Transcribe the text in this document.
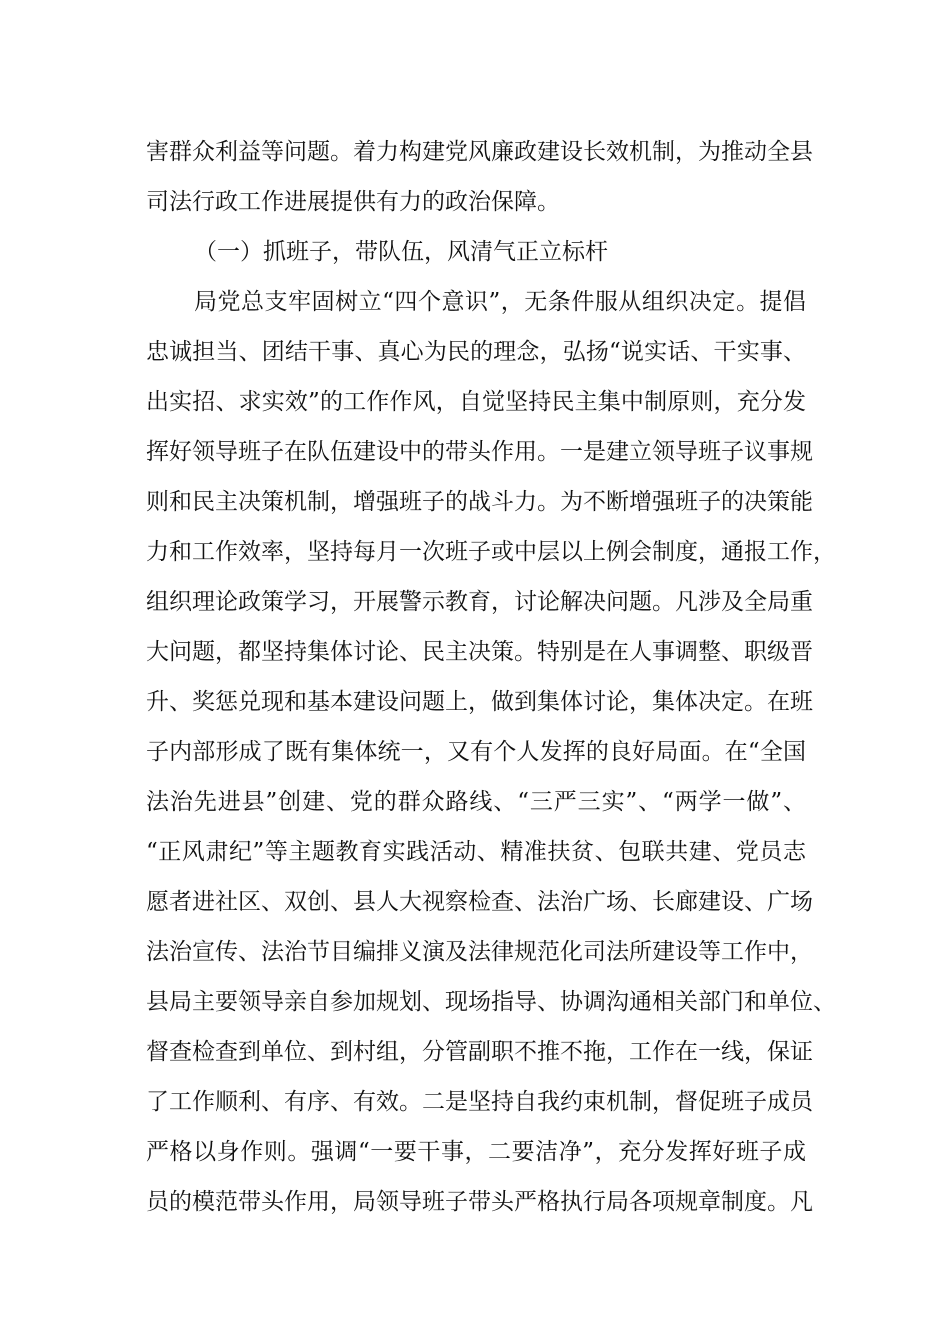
害群众利益等问题。着力构建党风廉政建设长效机制，为推动全县
司法行政工作进展提供有力的政治保障。
（一）抓班子，带队伍，风清气正立标杆
局党总支牢固树立“四个意识”，无条件服从组织决定。提倡
忠诚担当、团结干事、真心为民的理念，弘扬“说实话、干实事、
出实招、求实效”的工作作风，自觉坚持民主集中制原则，充分发
挥好领导班子在队伍建设中的带头作用。一是建立领导班子议事规
则和民主决策机制，增强班子的战斗力。为不断增强班子的决策能
力和工作效率，坚持每月一次班子或中层以上例会制度，通报工作，
组织理论政策学习，开展警示教育，讨论解决问题。凡涉及全局重
大问题，都坚持集体讨论、民主决策。特别是在人事调整、职级晋
升、奖惩兑现和基本建设问题上，做到集体讨论，集体决定。在班
子内部形成了既有集体统一，又有个人发挥的良好局面。在“全国
法治先进县”创建、党的群众路线、“三严三实”、“两学一做”、
“正风肃纪”等主题教育实践活动、精准扶贫、包联共建、党员志
愿者进社区、双创、县人大视察检查、法治广场、长廊建设、广场
法治宣传、法治节目编排义演及法律规范化司法所建设等工作中，
县局主要领导亲自参加规划、现场指导、协调沟通相关部门和单位、
督查检查到单位、到村组，分管副职不推不拖，工作在一线，保证
了工作顺利、有序、有效。二是坚持自我约束机制，督促班子成员
严格以身作则。强调“一要干事，二要洁净”，充分发挥好班子成
员的模范带头作用，局领导班子带头严格执行局各项规章制度。凡
